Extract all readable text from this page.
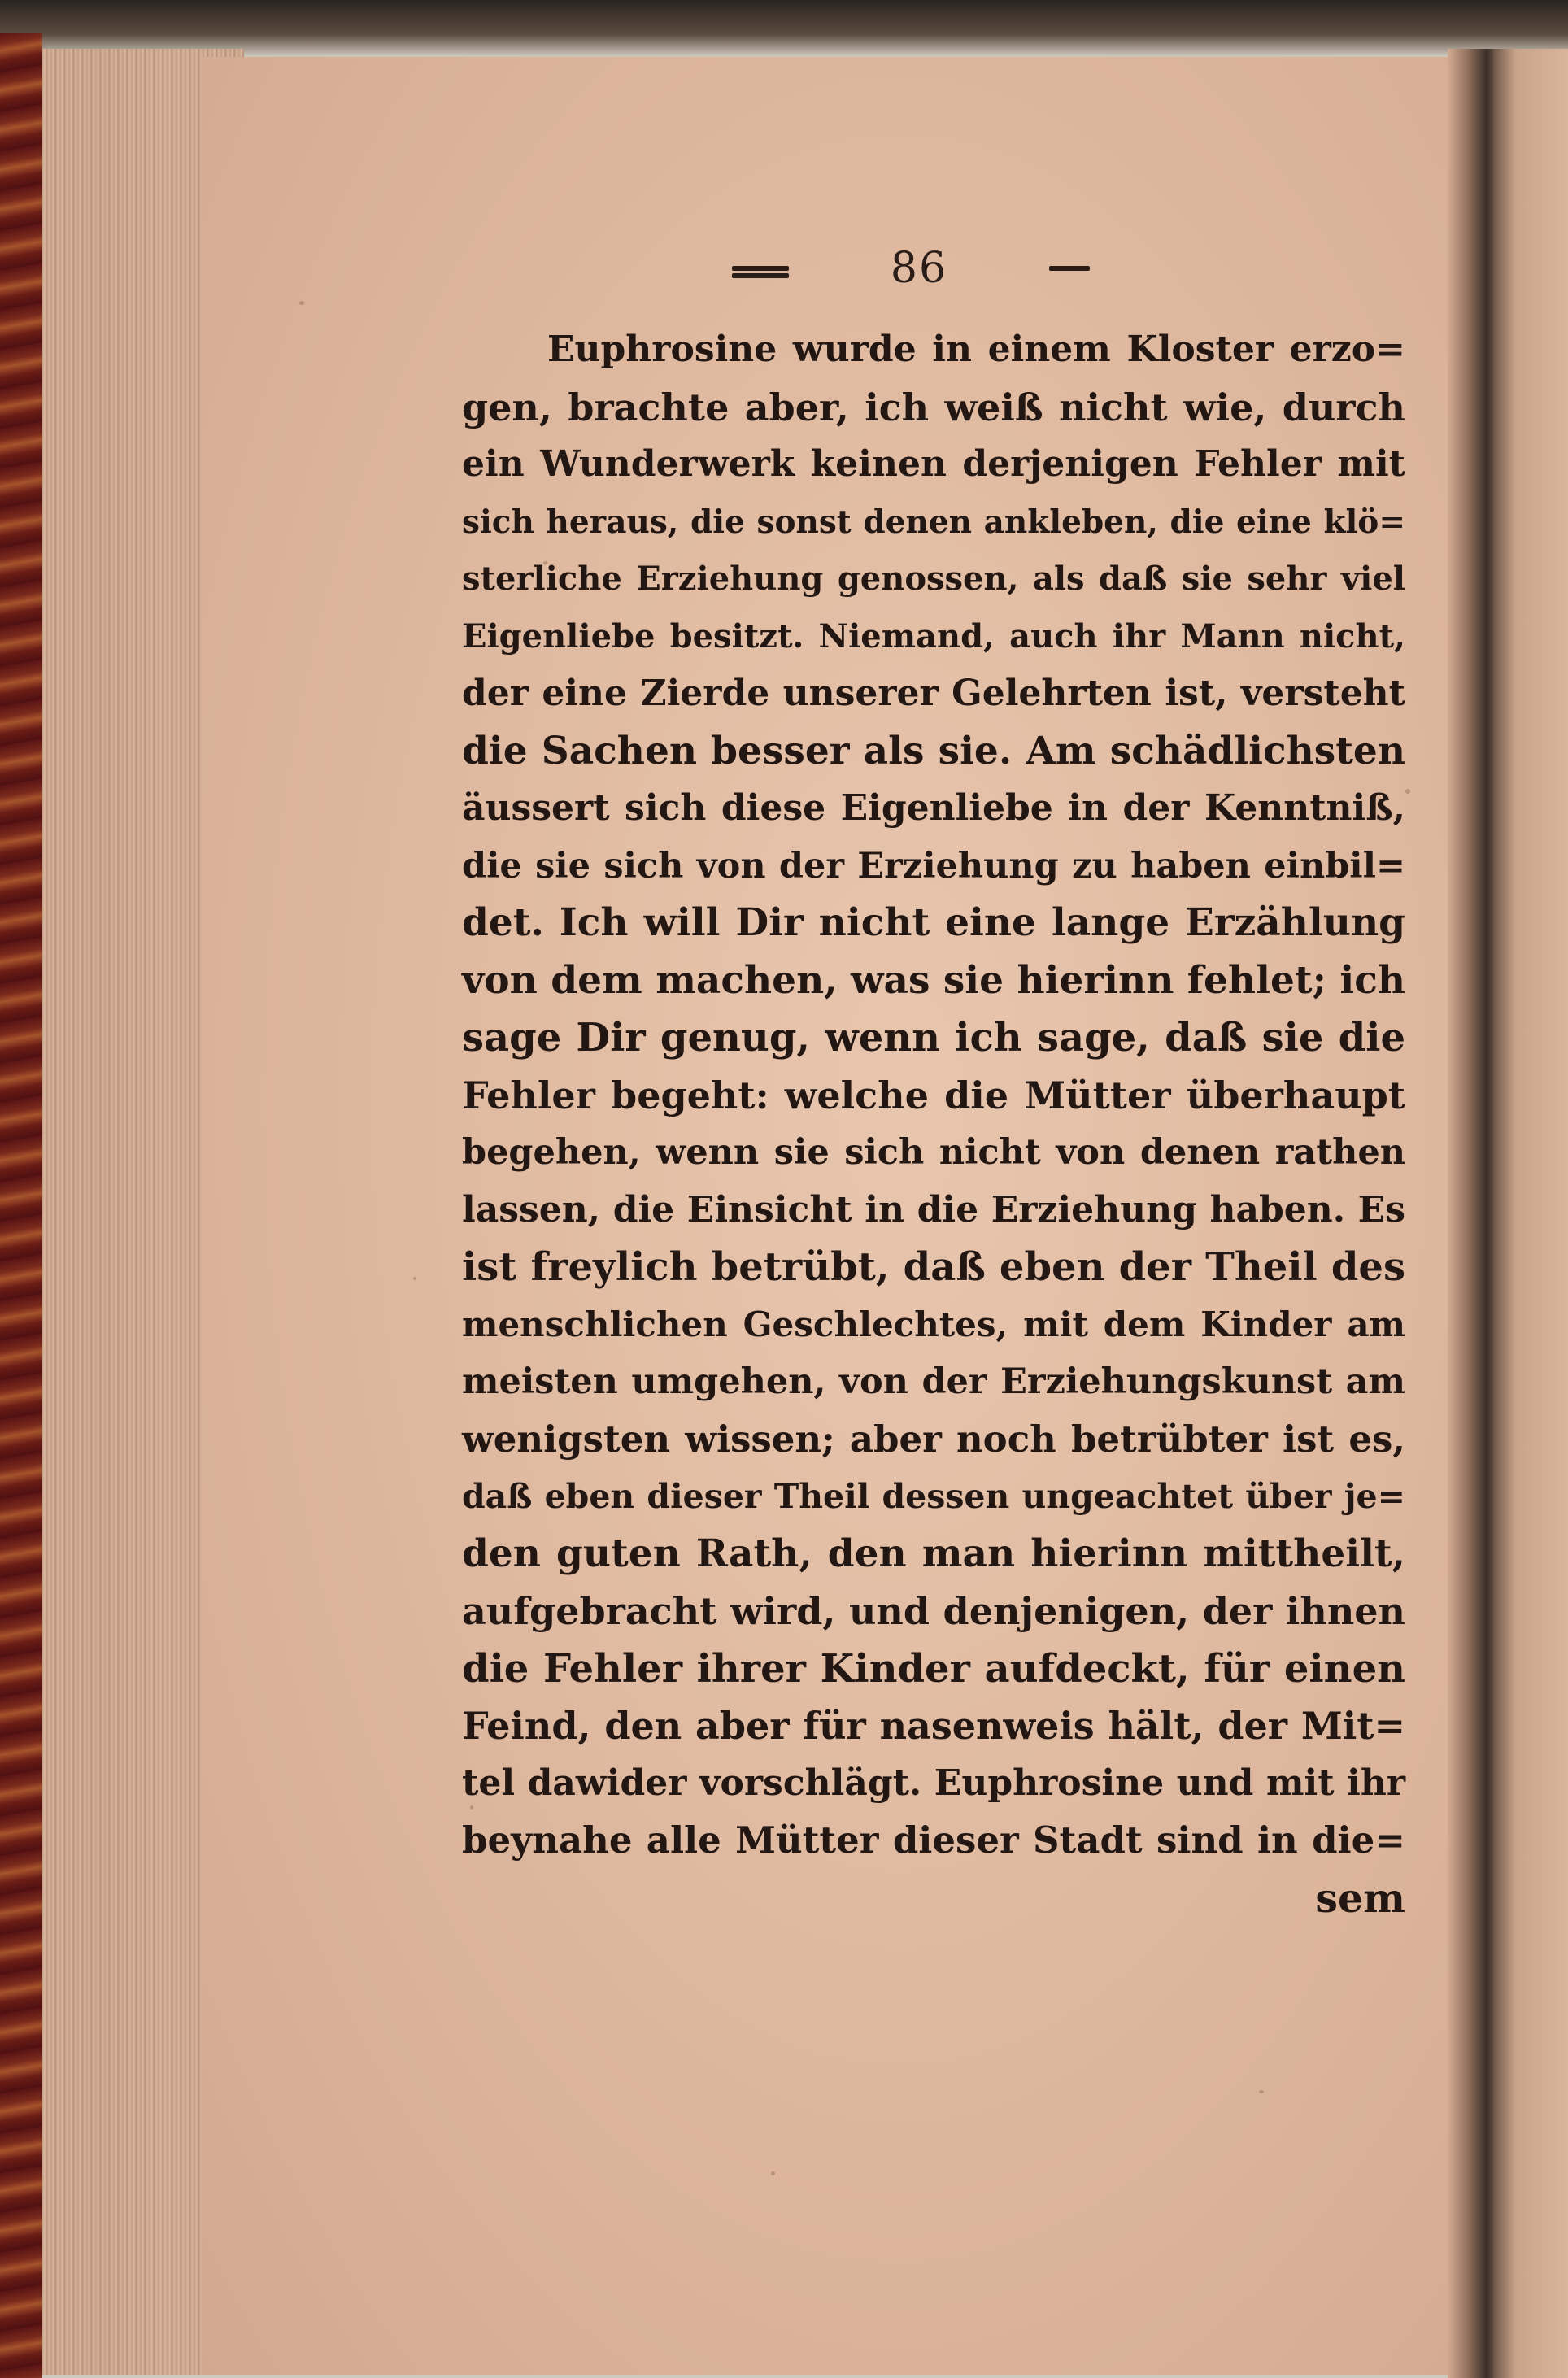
86
Euphrosine wurde in einem Kloster erzo=
gen, brachte aber, ich weiß nicht wie, durch
ein Wunderwerk keinen derjenigen Fehler mit
sich heraus, die sonst denen ankleben, die eine klö=
sterliche Erziehung genossen, als daß sie sehr viel
Eigenliebe besitzt. Niemand, auch ihr Mann nicht,
der eine Zierde unserer Gelehrten ist, versteht
die Sachen besser als sie. Am schädlichsten
äussert sich diese Eigenliebe in der Kenntniß,
die sie sich von der Erziehung zu haben einbil=
det. Ich will Dir nicht eine lange Erzählung
von dem machen, was sie hierinn fehlet; ich
sage Dir genug, wenn ich sage, daß sie die
Fehler begeht: welche die Mütter überhaupt
begehen, wenn sie sich nicht von denen rathen
lassen, die Einsicht in die Erziehung haben. Es
ist freylich betrübt, daß eben der Theil des
menschlichen Geschlechtes, mit dem Kinder am
meisten umgehen, von der Erziehungskunst am
wenigsten wissen; aber noch betrübter ist es,
daß eben dieser Theil dessen ungeachtet über je=
den guten Rath, den man hierinn mittheilt,
aufgebracht wird, und denjenigen, der ihnen
die Fehler ihrer Kinder aufdeckt, für einen
Feind, den aber für nasenweis hält, der Mit=
tel dawider vorschlägt. Euphrosine und mit ihr
beynahe alle Mütter dieser Stadt sind in die=
sem
